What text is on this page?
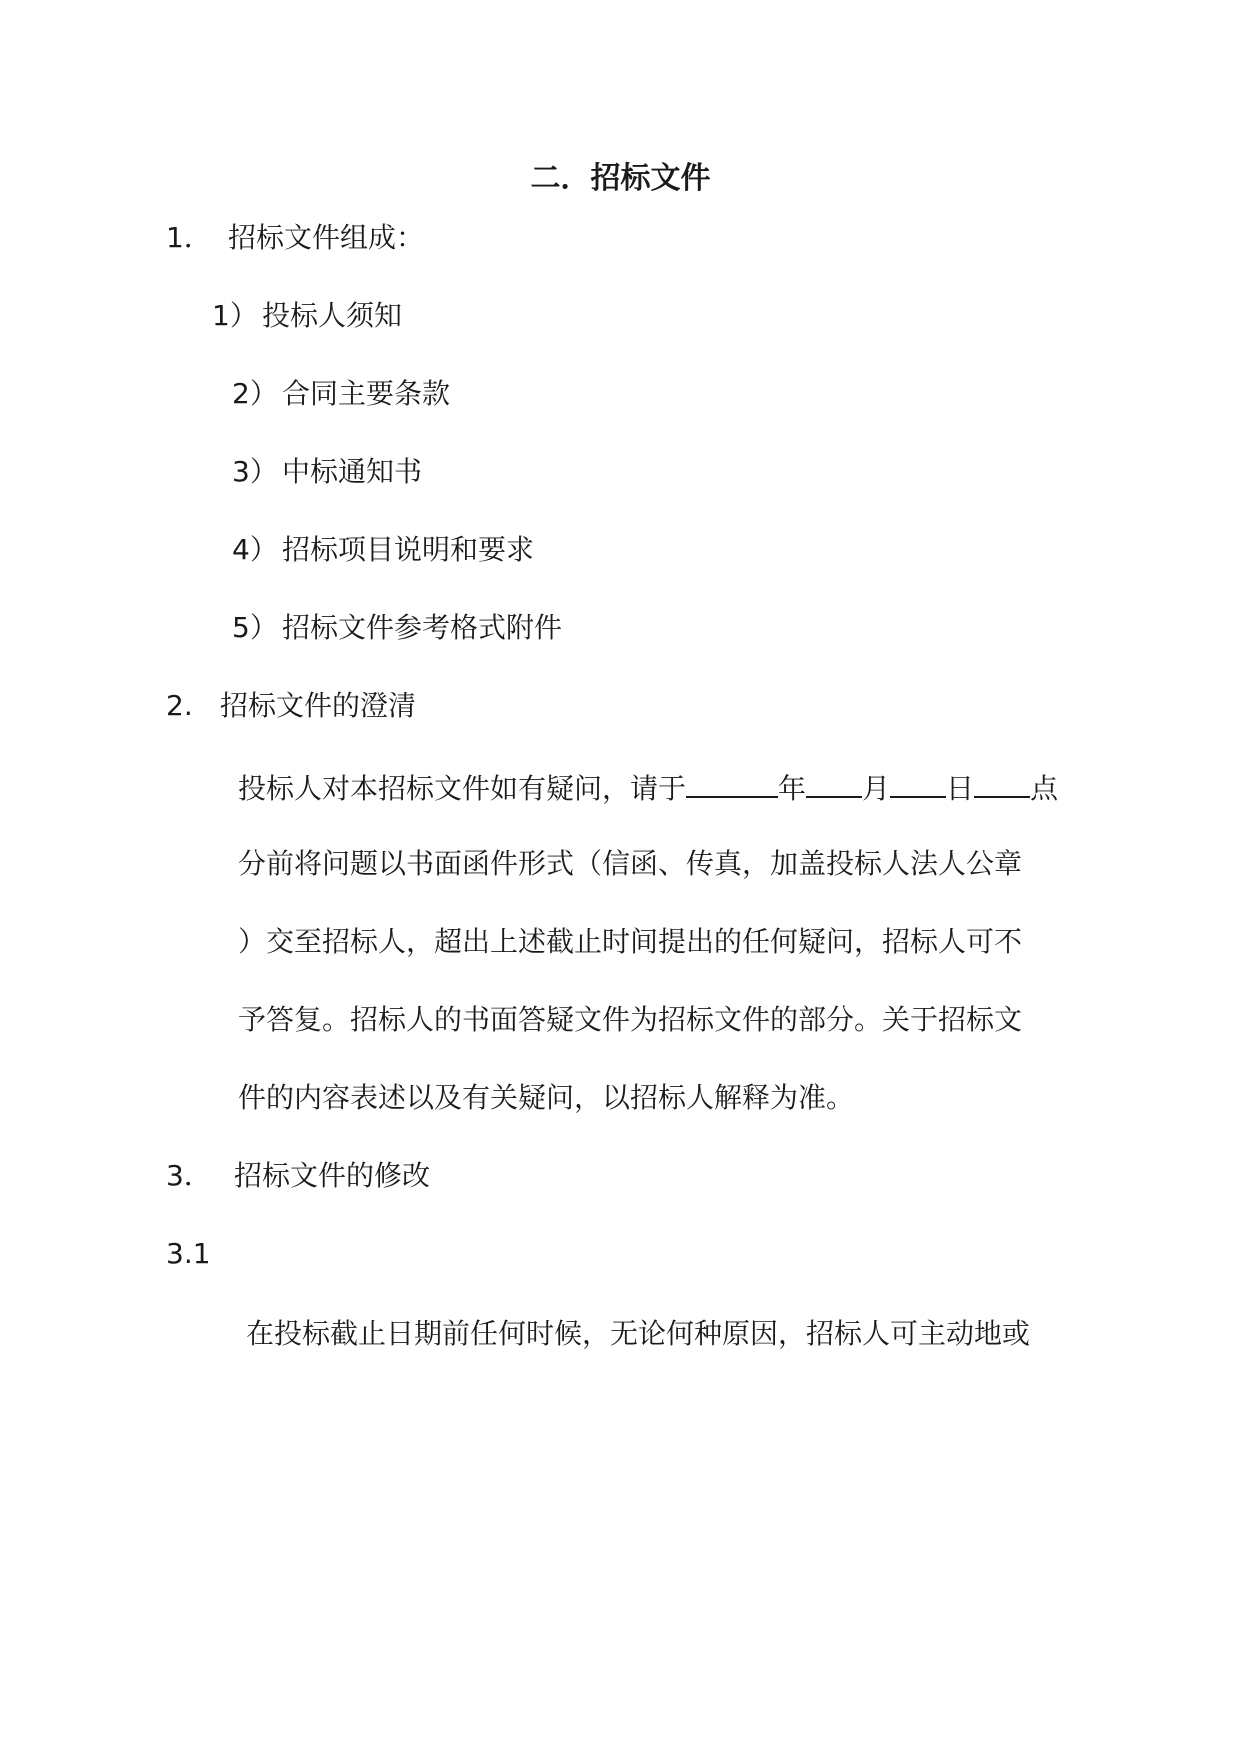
二．招标文件
1． 招标文件组成：
1） 投标人须知
2） 合同主要条款
3） 中标通知书
4） 招标项目说明和要求
5） 招标文件参考格式附件
2. 招标文件的澄清
投标人对本招标文件如有疑问，请于	年 月 日 点
分前将问题以书面函件形式（信函、传真，加盖投标人法人公章
）交至招标人，超出上述截止时间提出的任何疑问，招标人可不
予答复。招标人的书面答疑文件为招标文件的部分。关于招标文
件的内容表述以及有关疑问，以招标人解释为准。
3． 招标文件的修改
3.1
在投标截止日期前任何时候，无论何种原因，招标人可主动地或
